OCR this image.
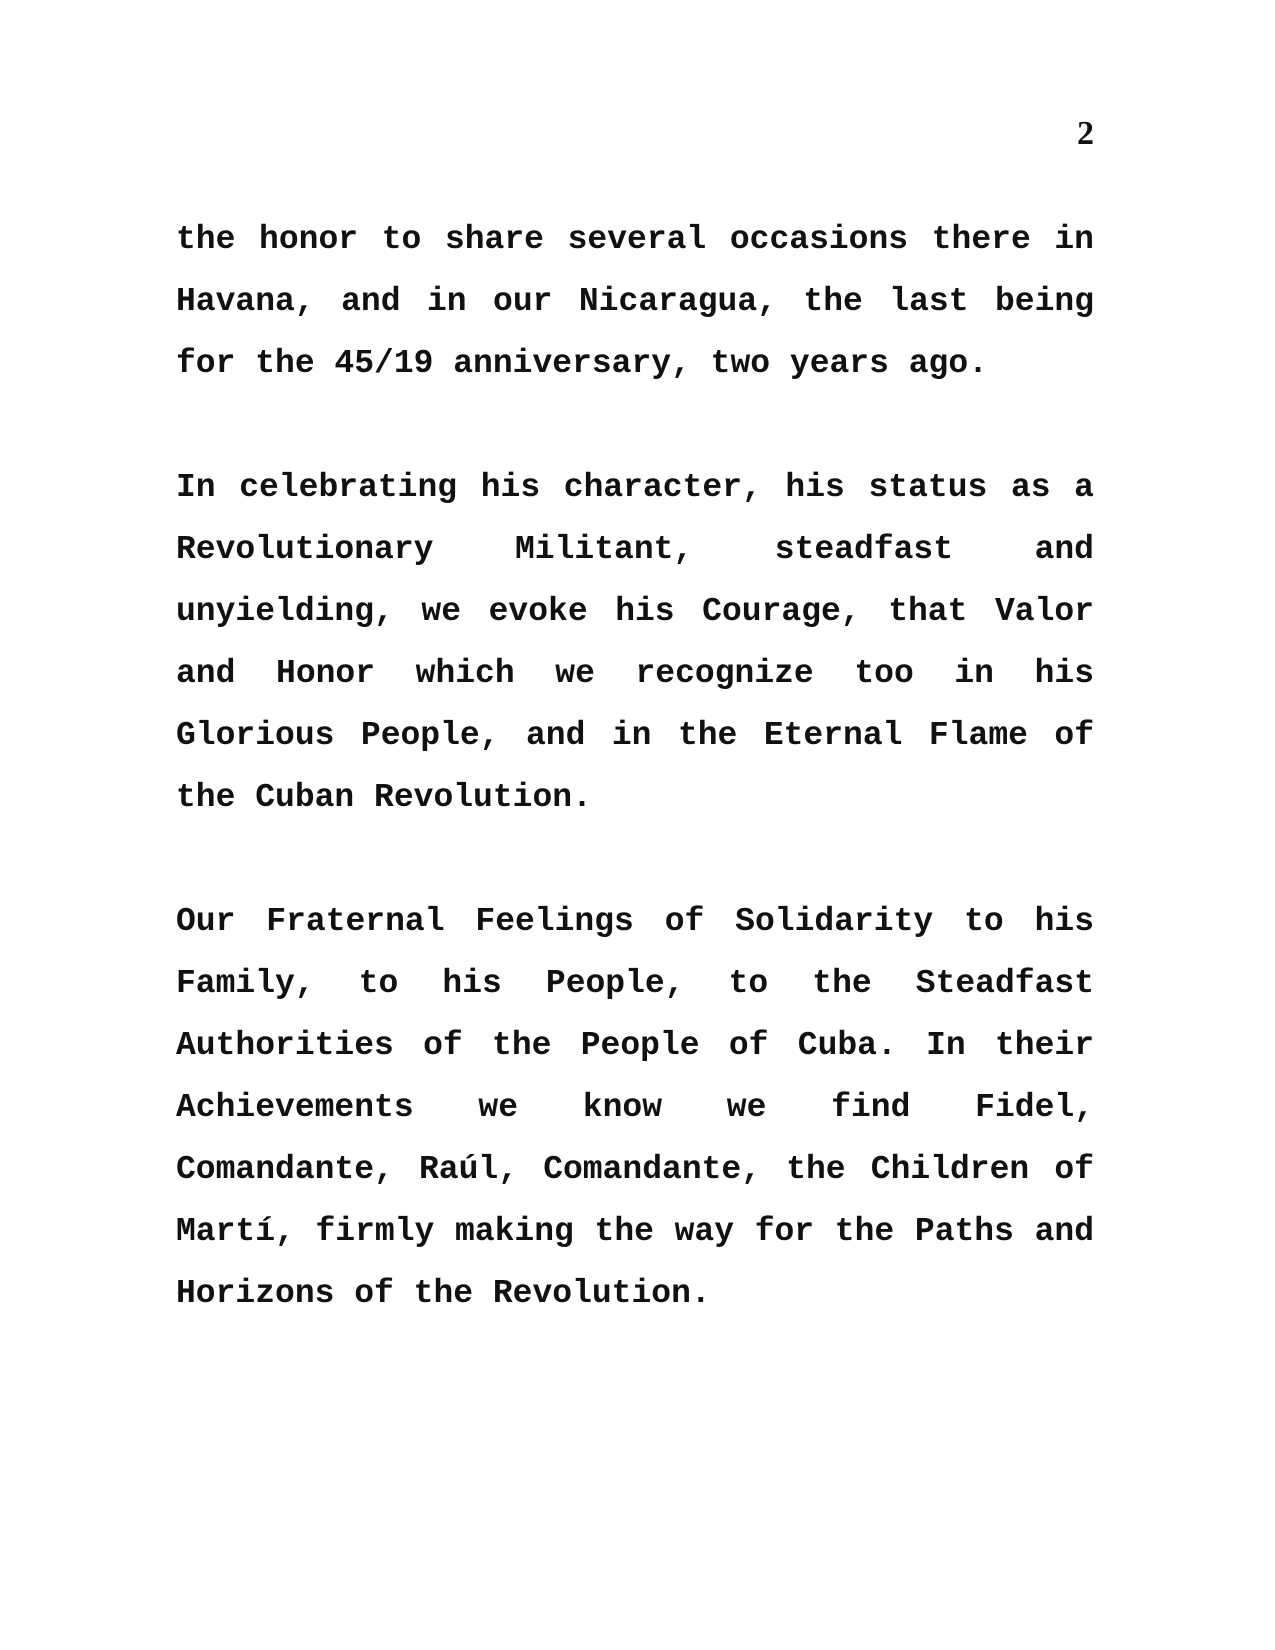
2

the honor to share several occasions there in Havana, and in our Nicaragua, the last being for the 45/19 anniversary, two years ago.

In celebrating his character, his status as a Revolutionary Militant, steadfast and unyielding, we evoke his Courage, that Valor and Honor which we recognize too in his Glorious People, and in the Eternal Flame of the Cuban Revolution.

Our Fraternal Feelings of Solidarity to his Family, to his People, to the Steadfast Authorities of the People of Cuba. In their Achievements we know we find Fidel, Comandante, Raúl, Comandante, the Children of Martí, firmly making the way for the Paths and Horizons of the Revolution.
